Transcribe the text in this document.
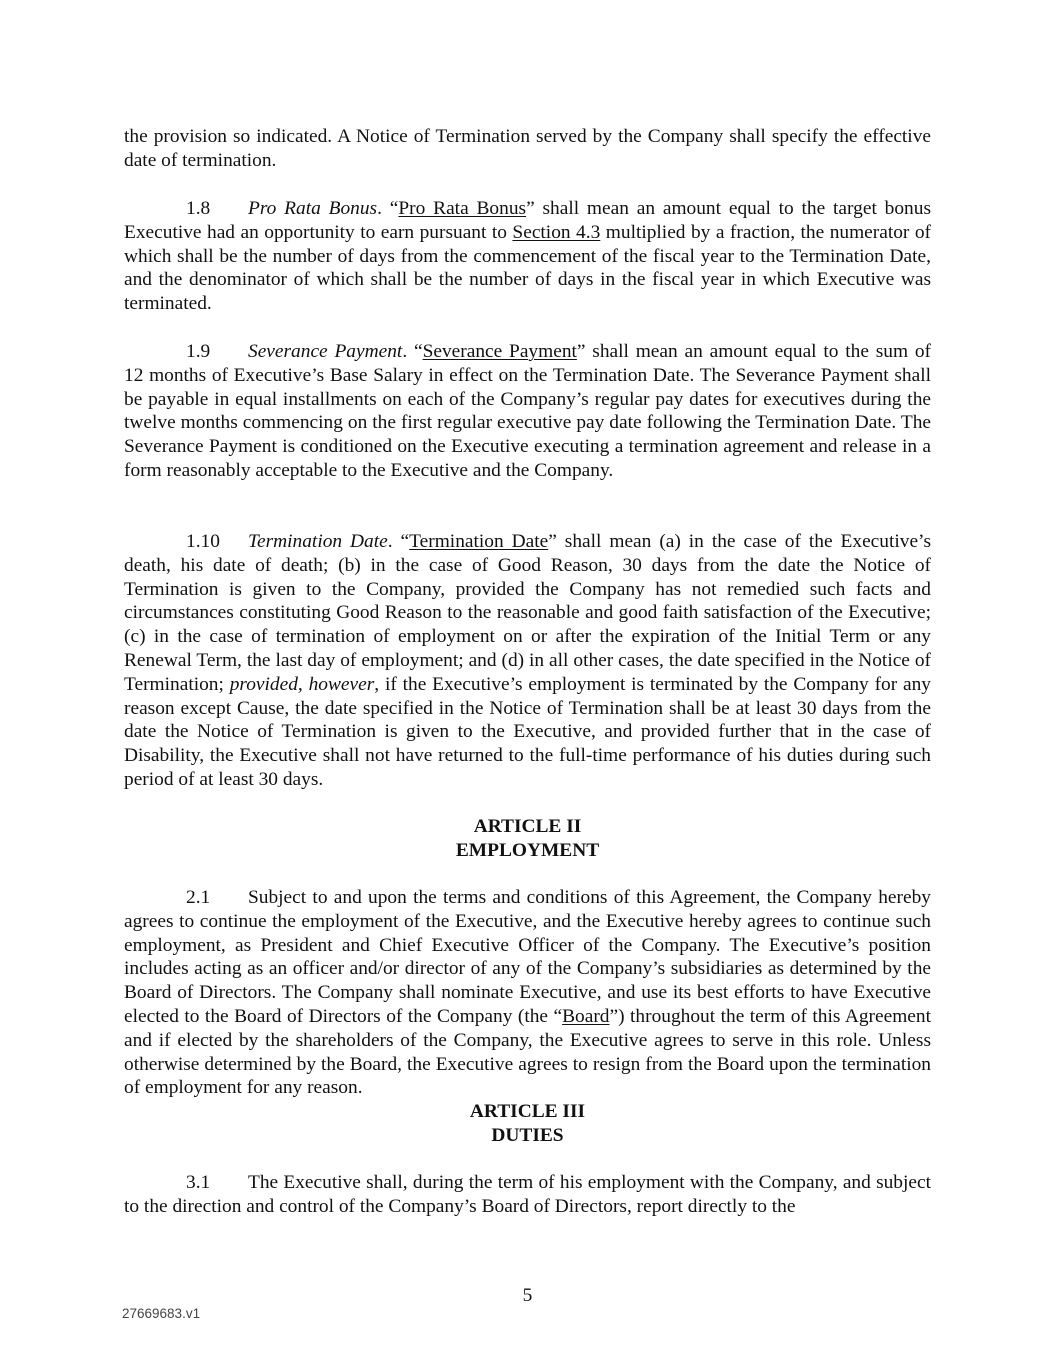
the provision so indicated. A Notice of Termination served by the Company shall specify the effective date of termination.

1.8 Pro Rata Bonus. “Pro Rata Bonus” shall mean an amount equal to the target bonus Executive had an opportunity to earn pursuant to Section 4.3 multiplied by a fraction, the numerator of which shall be the number of days from the commencement of the fiscal year to the Termination Date, and the denominator of which shall be the number of days in the fiscal year in which Executive was terminated.

1.9 Severance Payment. “Severance Payment” shall mean an amount equal to the sum of 12 months of Executive’s Base Salary in effect on the Termination Date. The Severance Payment shall be payable in equal installments on each of the Company’s regular pay dates for executives during the twelve months commencing on the first regular executive pay date following the Termination Date. The Severance Payment is conditioned on the Executive executing a termination agreement and release in a form reasonably acceptable to the Executive and the Company.

1.10 Termination Date. “Termination Date” shall mean (a) in the case of the Executive’s death, his date of death; (b) in the case of Good Reason, 30 days from the date the Notice of Termination is given to the Company, provided the Company has not remedied such facts and circumstances constituting Good Reason to the reasonable and good faith satisfaction of the Executive; (c) in the case of termination of employment on or after the expiration of the Initial Term or any Renewal Term, the last day of employment; and (d) in all other cases, the date specified in the Notice of Termination; provided, however, if the Executive’s employment is terminated by the Company for any reason except Cause, the date specified in the Notice of Termination shall be at least 30 days from the date the Notice of Termination is given to the Executive, and provided further that in the case of Disability, the Executive shall not have returned to the full-time performance of his duties during such period of at least 30 days.

ARTICLE II
EMPLOYMENT

2.1 Subject to and upon the terms and conditions of this Agreement, the Company hereby agrees to continue the employment of the Executive, and the Executive hereby agrees to continue such employment, as President and Chief Executive Officer of the Company. The Executive’s position includes acting as an officer and/or director of any of the Company’s subsidiaries as determined by the Board of Directors. The Company shall nominate Executive, and use its best efforts to have Executive elected to the Board of Directors of the Company (the “Board”) throughout the term of this Agreement and if elected by the shareholders of the Company, the Executive agrees to serve in this role. Unless otherwise determined by the Board, the Executive agrees to resign from the Board upon the termination of employment for any reason.

ARTICLE III
DUTIES

3.1 The Executive shall, during the term of his employment with the Company, and subject to the direction and control of the Company’s Board of Directors, report directly to the

5
27669683.v1
